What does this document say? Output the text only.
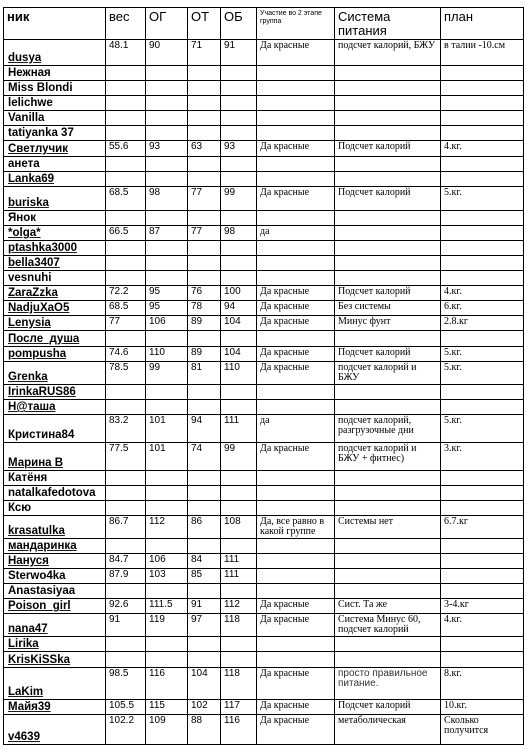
ник	вес	ОГ	ОТ	ОБ	Участие во 2 этапе группа	Система питания	план
dusya	48.1	90	71	91	Да красные	подсчет калорий, БЖУ	в талии -10.см
Нежная							
Miss Blondi							
lelichwe							
Vanilla							
tatiyanka 37							
Светлучик	55.6	93	63	93	Да красные	Подсчет калорий	4.кг.
анета							
Lanka69							
buriska	68.5	98	77	99	Да красные	Подсчет калорий	5.кг.
Янок							
*olga*	66.5	87	77	98	да		
ptashka3000							
bella3407							
vesnuhi							
ZaraZzka	72.2	95	76	100	Да красные	Подсчет калорий	4.кг.
NadjuXaO5	68.5	95	78	94	Да красные	Без системы	6.кг.
Lenysia	77	106	89	104	Да красные	Минус фунт	2.8.кг
После_душа							
pompusha	74.6	110	89	104	Да красные	Подсчет калорий	5.кг.
Grenka	78.5	99	81	110	Да красные	подсчет калорий и БЖУ	5.кг.
IrinkaRUS86							
Н@таша							
Кристина84	83.2	101	94	111	да	подсчет калорий, разгрузочные дни	5.кг.
Марина В	77.5	101	74	99	Да красные	подсчет калорий и БЖУ + фитнес)	3.кг.
Катёня							
natalkafedotova							
Ксю							
krasatulka	86.7	112	86	108	Да, все равно в какой группе	Системы нет	6.7.кг
мандаринка							
Нануся	84.7	106	84	111			
Sterwo4ka	87.9	103	85	111			
Anastasiyaa							
Poison_girl	92.6	111.5	91	112	Да красные	Сист. Та же	3-4.кг
nana47	91	119	97	118	Да красные	Система Минус 60, подсчет калорий	4.кг.
Lirika							
KrisKiSSka							
LaKim	98.5	116	104	118	Да красные	просто правильное питание.	8.кг.
Майя39	105.5	115	102	117	Да красные	Подсчет калорий	10.кг.
v4639	102.2	109	88	116	Да красные	метаболическая	Сколько получится
